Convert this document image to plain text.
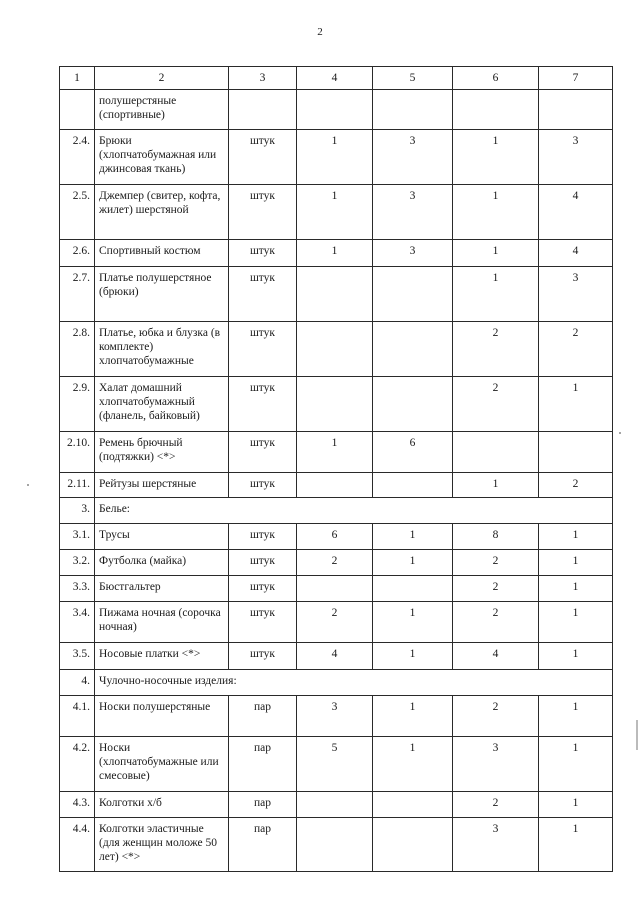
2
1	2	3	4	5	6	7
	полушерстяные (спортивные)					
2.4.	Брюки (хлопчатобумажная или джинсовая ткань)	штук	1	3	1	3
2.5.	Джемпер (свитер, кофта, жилет) шерстяной	штук	1	3	1	4
2.6.	Спортивный костюм	штук	1	3	1	4
2.7.	Платье полушерстяное (брюки)	штук			1	3
2.8.	Платье, юбка и блузка (в комплекте) хлопчатобумажные	штук			2	2
2.9.	Халат домашний хлопчатобумажный (фланель, байковый)	штук			2	1
2.10.	Ремень брючный (подтяжки) <*>	штук	1	6		
2.11.	Рейтузы шерстяные	штук			1	2
3.	Белье:					
3.1.	Трусы	штук	6	1	8	1
3.2.	Футболка (майка)	штук	2	1	2	1
3.3.	Бюстгальтер	штук			2	1
3.4.	Пижама ночная (сорочка ночная)	штук	2	1	2	1
3.5.	Носовые платки <*>	штук	4	1	4	1
4.	Чулочно-носочные изделия:					
4.1.	Носки полушерстяные	пар	3	1	2	1
4.2.	Носки (хлопчатобумажные или смесовые)	пар	5	1	3	1
4.3.	Колготки х/б	пар			2	1
4.4.	Колготки эластичные (для женщин моложе 50 лет) <*>	пар			3	1
